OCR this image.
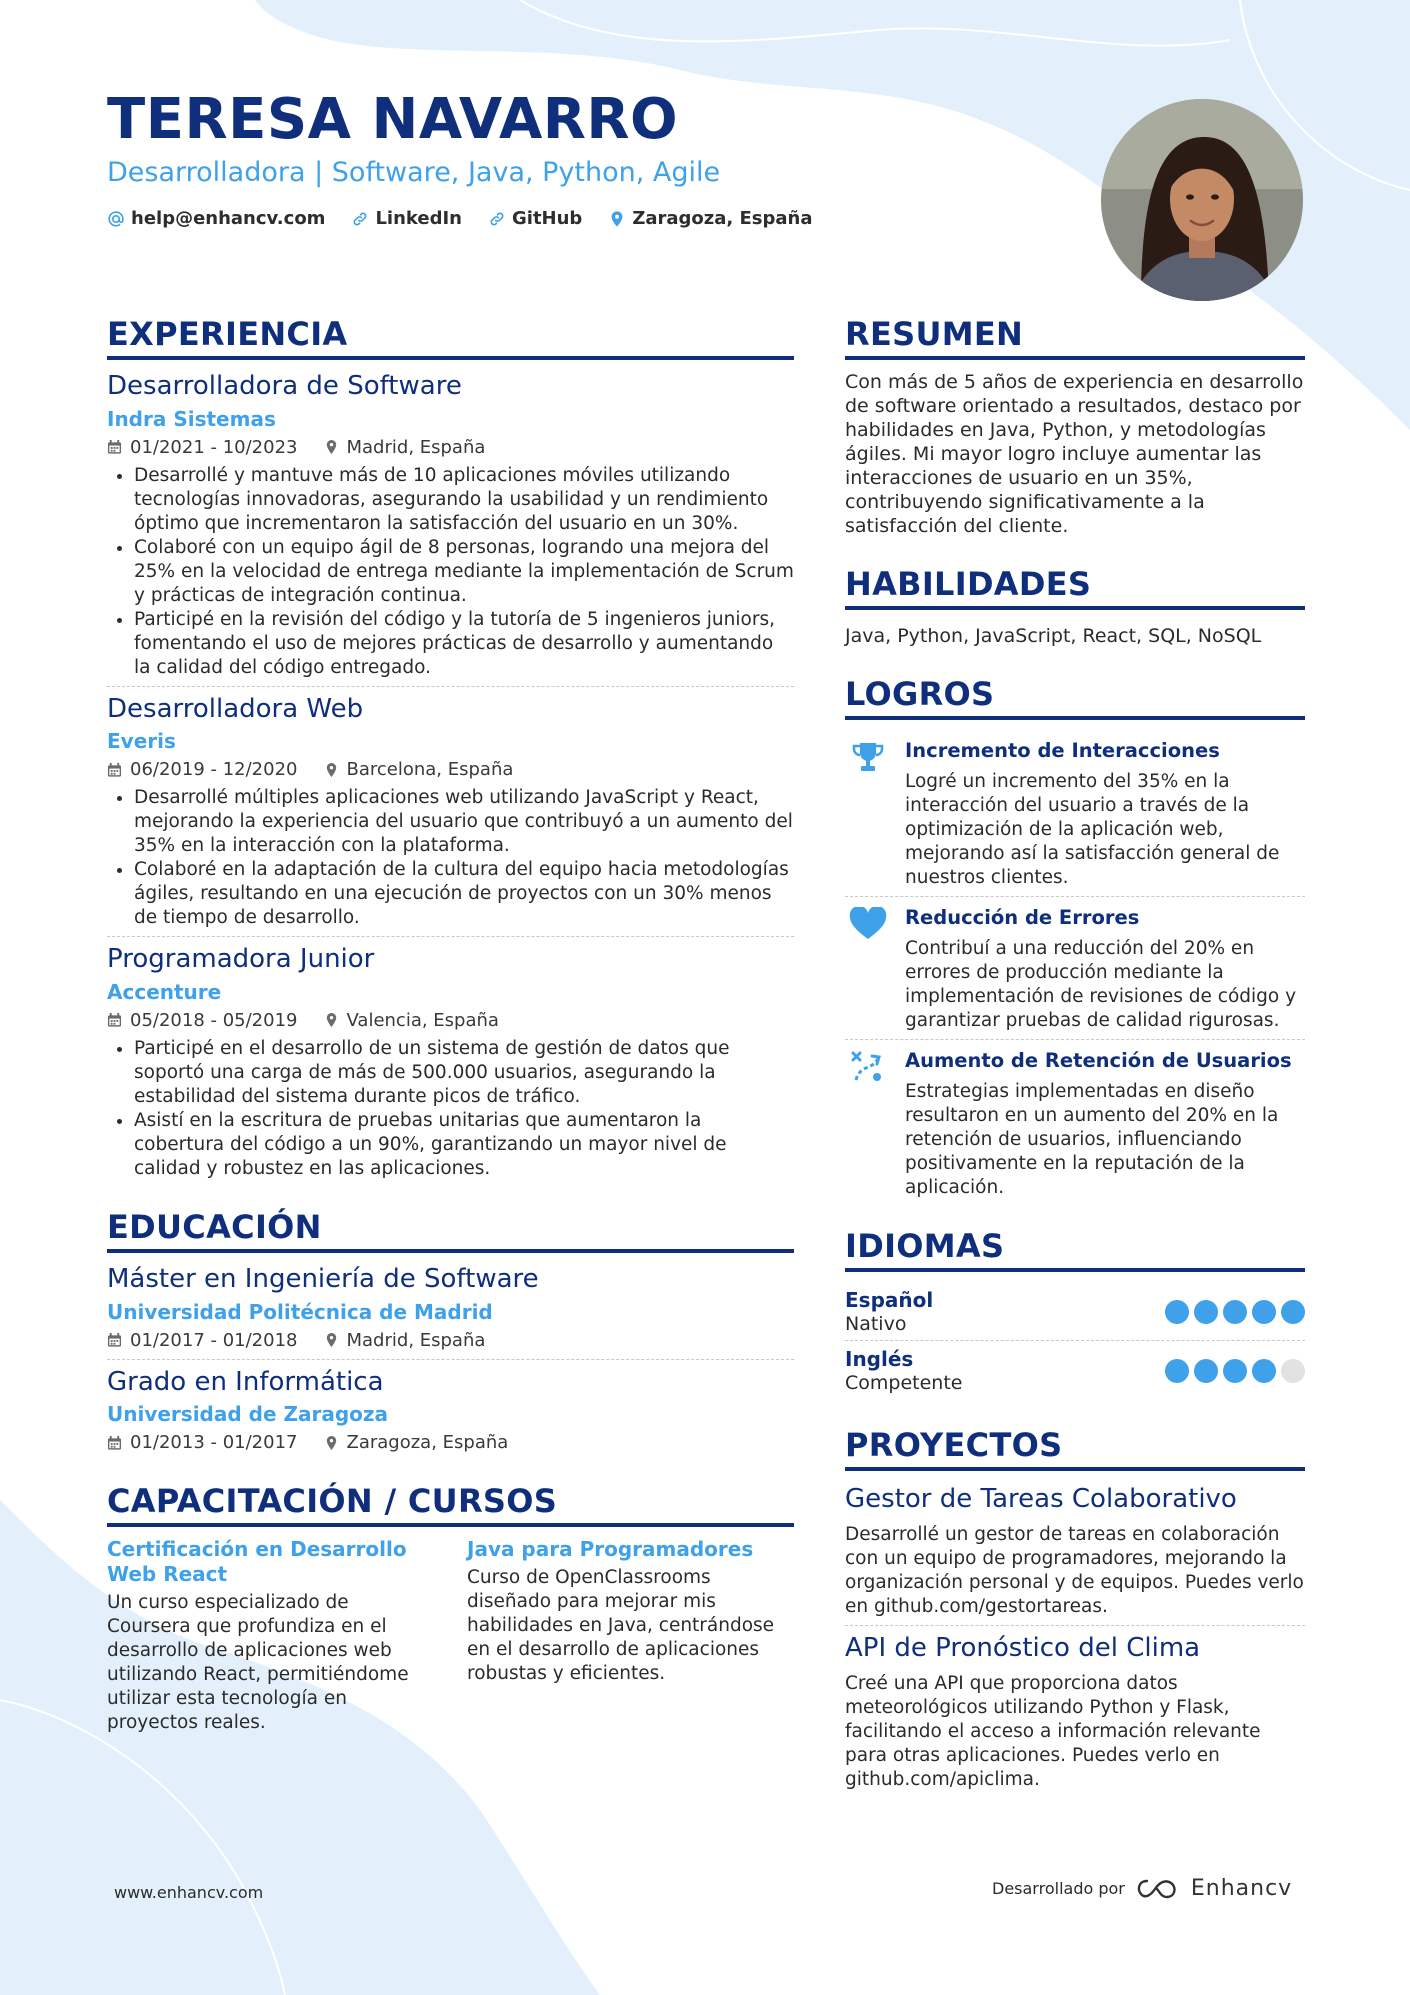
TERESA NAVARRO
Desarrolladora | Software, Java, Python, Agile
help@enhancv.com	LinkedIn	GitHub	Zaragoza, España
EXPERIENCIA
Desarrolladora de Software
Indra Sistemas
01/2021 - 10/2023	Madrid, España
• Desarrollé y mantuve más de 10 aplicaciones móviles utilizando tecnologías innovadoras, asegurando la usabilidad y un rendimiento óptimo que incrementaron la satisfacción del usuario en un 30%.
• Colaboré con un equipo ágil de 8 personas, logrando una mejora del 25% en la velocidad de entrega mediante la implementación de Scrum y prácticas de integración continua.
• Participé en la revisión del código y la tutoría de 5 ingenieros juniors, fomentando el uso de mejores prácticas de desarrollo y aumentando la calidad del código entregado.
Desarrolladora Web
Everis
06/2019 - 12/2020	Barcelona, España
• Desarrollé múltiples aplicaciones web utilizando JavaScript y React, mejorando la experiencia del usuario que contribuyó a un aumento del 35% en la interacción con la plataforma.
• Colaboré en la adaptación de la cultura del equipo hacia metodologías ágiles, resultando en una ejecución de proyectos con un 30% menos de tiempo de desarrollo.
Programadora Junior
Accenture
05/2018 - 05/2019	Valencia, España
• Participé en el desarrollo de un sistema de gestión de datos que soportó una carga de más de 500.000 usuarios, asegurando la estabilidad del sistema durante picos de tráfico.
• Asistí en la escritura de pruebas unitarias que aumentaron la cobertura del código a un 90%, garantizando un mayor nivel de calidad y robustez en las aplicaciones.
EDUCACIÓN
Máster en Ingeniería de Software
Universidad Politécnica de Madrid
01/2017 - 01/2018	Madrid, España
Grado en Informática
Universidad de Zaragoza
01/2013 - 01/2017	Zaragoza, España
CAPACITACIÓN / CURSOS
Certificación en Desarrollo Web React
Un curso especializado de Coursera que profundiza en el desarrollo de aplicaciones web utilizando React, permitiéndome utilizar esta tecnología en proyectos reales.
Java para Programadores
Curso de OpenClassrooms diseñado para mejorar mis habilidades en Java, centrándose en el desarrollo de aplicaciones robustas y eficientes.
RESUMEN
Con más de 5 años de experiencia en desarrollo de software orientado a resultados, destaco por habilidades en Java, Python, y metodologías ágiles. Mi mayor logro incluye aumentar las interacciones de usuario en un 35%, contribuyendo significativamente a la satisfacción del cliente.
HABILIDADES
Java, Python, JavaScript, React, SQL, NoSQL
LOGROS
Incremento de Interacciones
Logré un incremento del 35% en la interacción del usuario a través de la optimización de la aplicación web, mejorando así la satisfacción general de nuestros clientes.
Reducción de Errores
Contribuí a una reducción del 20% en errores de producción mediante la implementación de revisiones de código y garantizar pruebas de calidad rigurosas.
Aumento de Retención de Usuarios
Estrategias implementadas en diseño resultaron en un aumento del 20% en la retención de usuarios, influenciando positivamente en la reputación de la aplicación.
IDIOMAS
Español
Nativo
Inglés
Competente
PROYECTOS
Gestor de Tareas Colaborativo
Desarrollé un gestor de tareas en colaboración con un equipo de programadores, mejorando la organización personal y de equipos. Puedes verlo en github.com/gestortareas.
API de Pronóstico del Clima
Creé una API que proporciona datos meteorológicos utilizando Python y Flask, facilitando el acceso a información relevante para otras aplicaciones. Puedes verlo en github.com/apiclima.
www.enhancv.com	Desarrollado por	Enhancv
